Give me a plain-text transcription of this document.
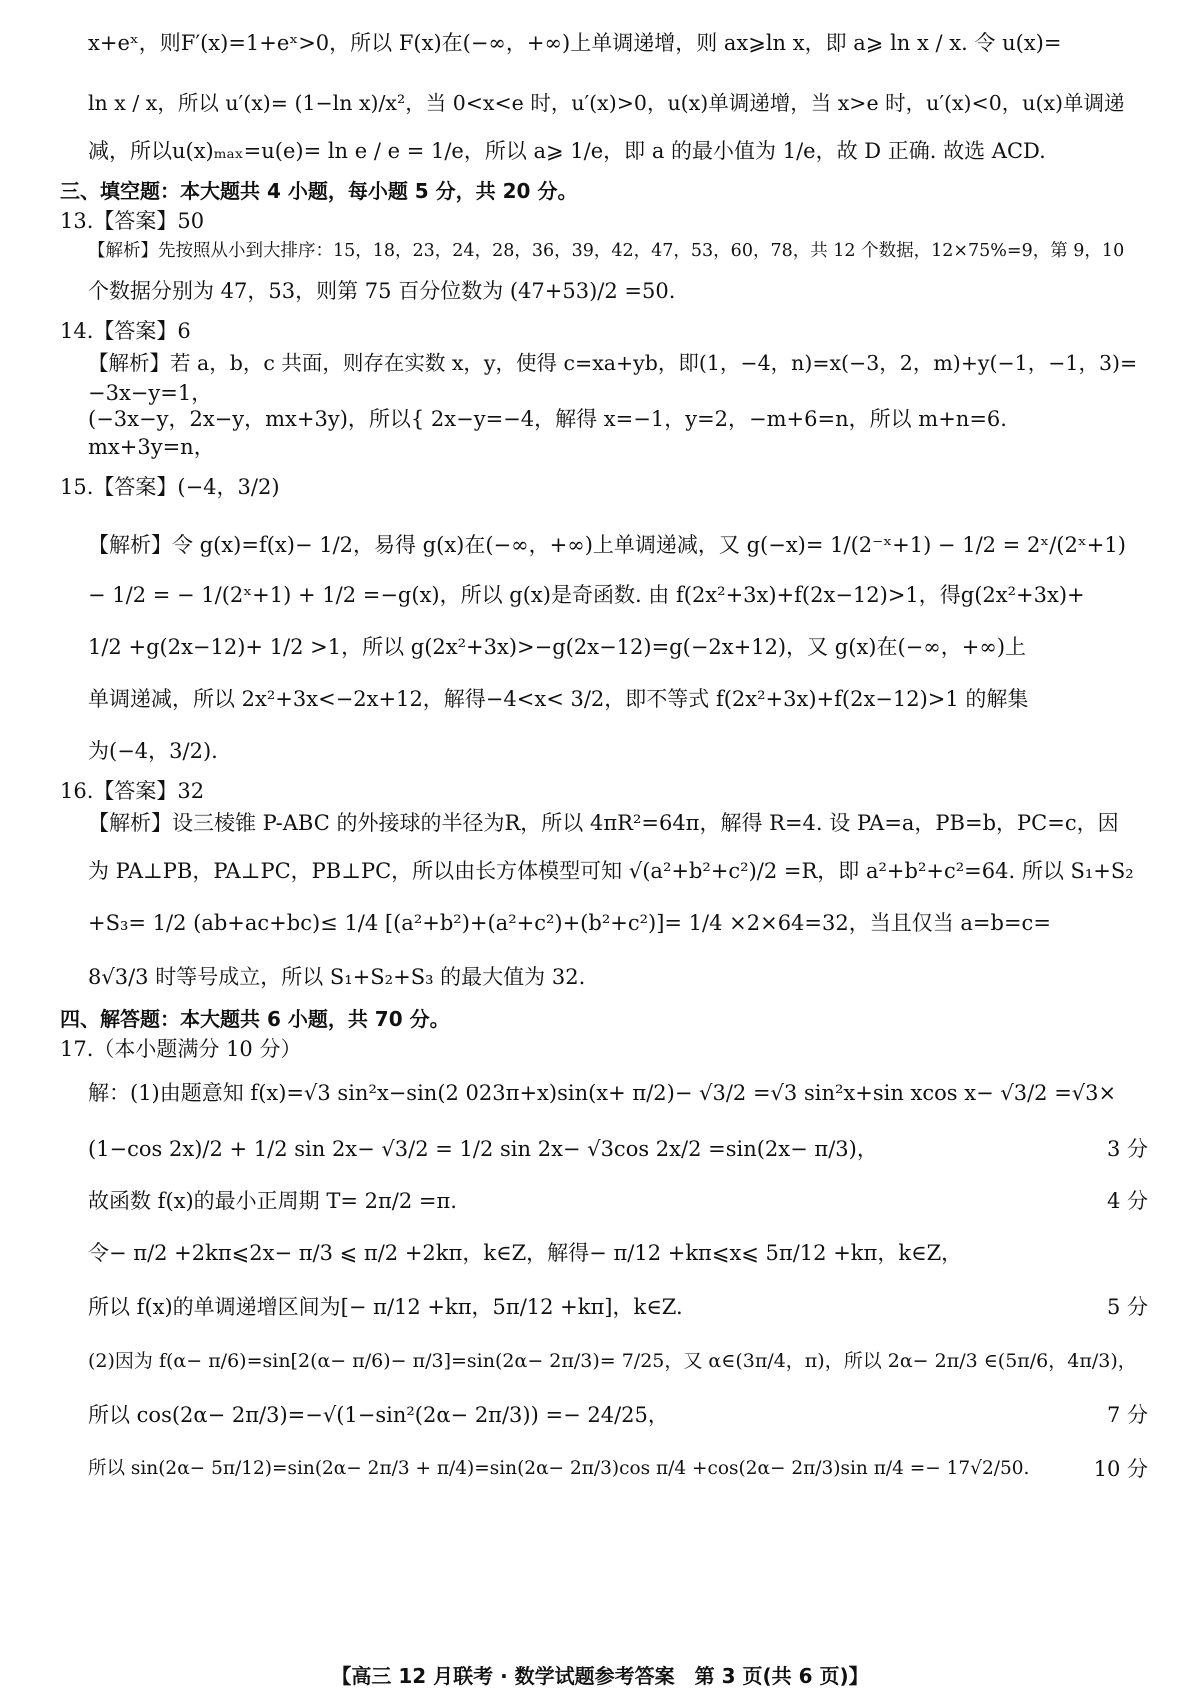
x+eˣ，则F′(x)=1+eˣ>0，所以 F(x)在(−∞，+∞)上单调递增，则 ax⩾ln x，即 a⩾ ln x / x. 令 u(x)=
ln x / x，所以 u′(x)= (1−ln x)/x²，当 0<x<e 时，u′(x)>0，u(x)单调递增，当 x>e 时，u′(x)<0，u(x)单调递
减，所以u(x)ₘₐₓ=u(e)= ln e / e = 1/e，所以 a⩾ 1/e，即 a 的最小值为 1/e，故 D 正确. 故选 ACD.
三、填空题：本大题共 4 小题，每小题 5 分，共 20 分。
13.【答案】50
【解析】先按照从小到大排序：15，18，23，24，28，36，39，42，47，53，60，78，共 12 个数据，12×75%=9，第 9，10
个数据分别为 47，53，则第 75 百分位数为 (47+53)/2 =50.
14.【答案】6
【解析】若 a，b，c 共面，则存在实数 x，y，使得 c=xa+yb，即(1，−4，n)=x(−3，2，m)+y(−1，−1，3)=
−3x−y=1，
(−3x−y，2x−y，mx+3y)，所以{ 2x−y=−4，解得 x=−1，y=2，−m+6=n，所以 m+n=6.
mx+3y=n，
15.【答案】(−4，3/2)
【解析】令 g(x)=f(x)− 1/2，易得 g(x)在(−∞，+∞)上单调递减，又 g(−x)= 1/(2⁻ˣ+1) − 1/2 = 2ˣ/(2ˣ+1)
− 1/2 = − 1/(2ˣ+1) + 1/2 =−g(x)，所以 g(x)是奇函数. 由 f(2x²+3x)+f(2x−12)>1，得g(2x²+3x)+
1/2 +g(2x−12)+ 1/2 >1，所以 g(2x²+3x)>−g(2x−12)=g(−2x+12)，又 g(x)在(−∞，+∞)上
单调递减，所以 2x²+3x<−2x+12，解得−4<x< 3/2，即不等式 f(2x²+3x)+f(2x−12)>1 的解集
为(−4，3/2).
16.【答案】32
【解析】设三棱锥 P-ABC 的外接球的半径为R，所以 4πR²=64π，解得 R=4. 设 PA=a，PB=b，PC=c，因
为 PA⊥PB，PA⊥PC，PB⊥PC，所以由长方体模型可知 √(a²+b²+c²)/2 =R，即 a²+b²+c²=64. 所以 S₁+S₂
+S₃= 1/2 (ab+ac+bc)≤ 1/4 [(a²+b²)+(a²+c²)+(b²+c²)]= 1/4 ×2×64=32，当且仅当 a=b=c=
8√3/3 时等号成立，所以 S₁+S₂+S₃ 的最大值为 32.
四、解答题：本大题共 6 小题，共 70 分。
17.（本小题满分 10 分）
解：(1)由题意知 f(x)=√3 sin²x−sin(2 023π+x)sin(x+ π/2)− √3/2 =√3 sin²x+sin xcos x− √3/2 =√3×
(1−cos 2x)/2 + 1/2 sin 2x− √3/2 = 1/2 sin 2x− √3cos 2x/2 =sin(2x− π/3)，	3 分
故函数 f(x)的最小正周期 T= 2π/2 =π.	4 分
令− π/2 +2kπ⩽2x− π/3 ⩽ π/2 +2kπ，k∈Z，解得− π/12 +kπ⩽x⩽ 5π/12 +kπ，k∈Z，
所以 f(x)的单调递增区间为[− π/12 +kπ，5π/12 +kπ]，k∈Z.	5 分
(2)因为 f(α− π/6)=sin[2(α− π/6)− π/3]=sin(2α− 2π/3)= 7/25，又 α∈(3π/4，π)，所以 2α− 2π/3 ∈(5π/6，4π/3)，
所以 cos(2α− 2π/3)=−√(1−sin²(2α− 2π/3)) =− 24/25，	7 分
所以 sin(2α− 5π/12)=sin(2α− 2π/3 + π/4)=sin(2α− 2π/3)cos π/4 +cos(2α− 2π/3)sin π/4 =− 17√2/50.	10 分
【高三 12 月联考 · 数学试题参考答案　第 3 页(共 6 页)】
